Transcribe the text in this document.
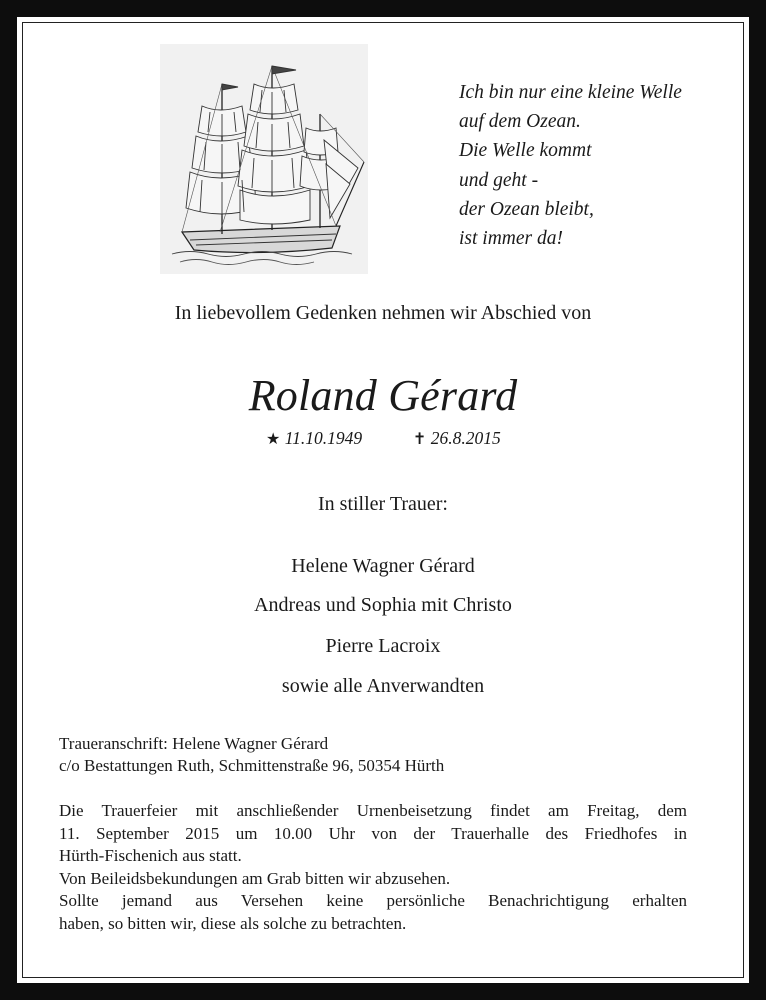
Ich bin nur eine kleine Welle
auf dem Ozean.
Die Welle kommt
und geht -
der Ozean bleibt,
ist immer da!
In liebevollem Gedenken nehmen wir Abschied von
Roland Gérard
★ 11.10.1949	✝ 26.8.2015
In stiller Trauer:
Helene Wagner Gérard
Andreas und Sophia mit Christo
Pierre Lacroix
sowie alle Anverwandten
Traueranschrift: Helene Wagner Gérard
c/o Bestattungen Ruth, Schmittenstraße 96, 50354 Hürth
Die Trauerfeier mit anschließender Urnenbeisetzung findet am Freitag, dem
11. September 2015 um 10.00 Uhr von der Trauerhalle des Friedhofes in
Hürth-Fischenich aus statt.
Von Beileidsbekundungen am Grab bitten wir abzusehen.
Sollte jemand aus Versehen keine persönliche Benachrichtigung erhalten
haben, so bitten wir, diese als solche zu betrachten.
